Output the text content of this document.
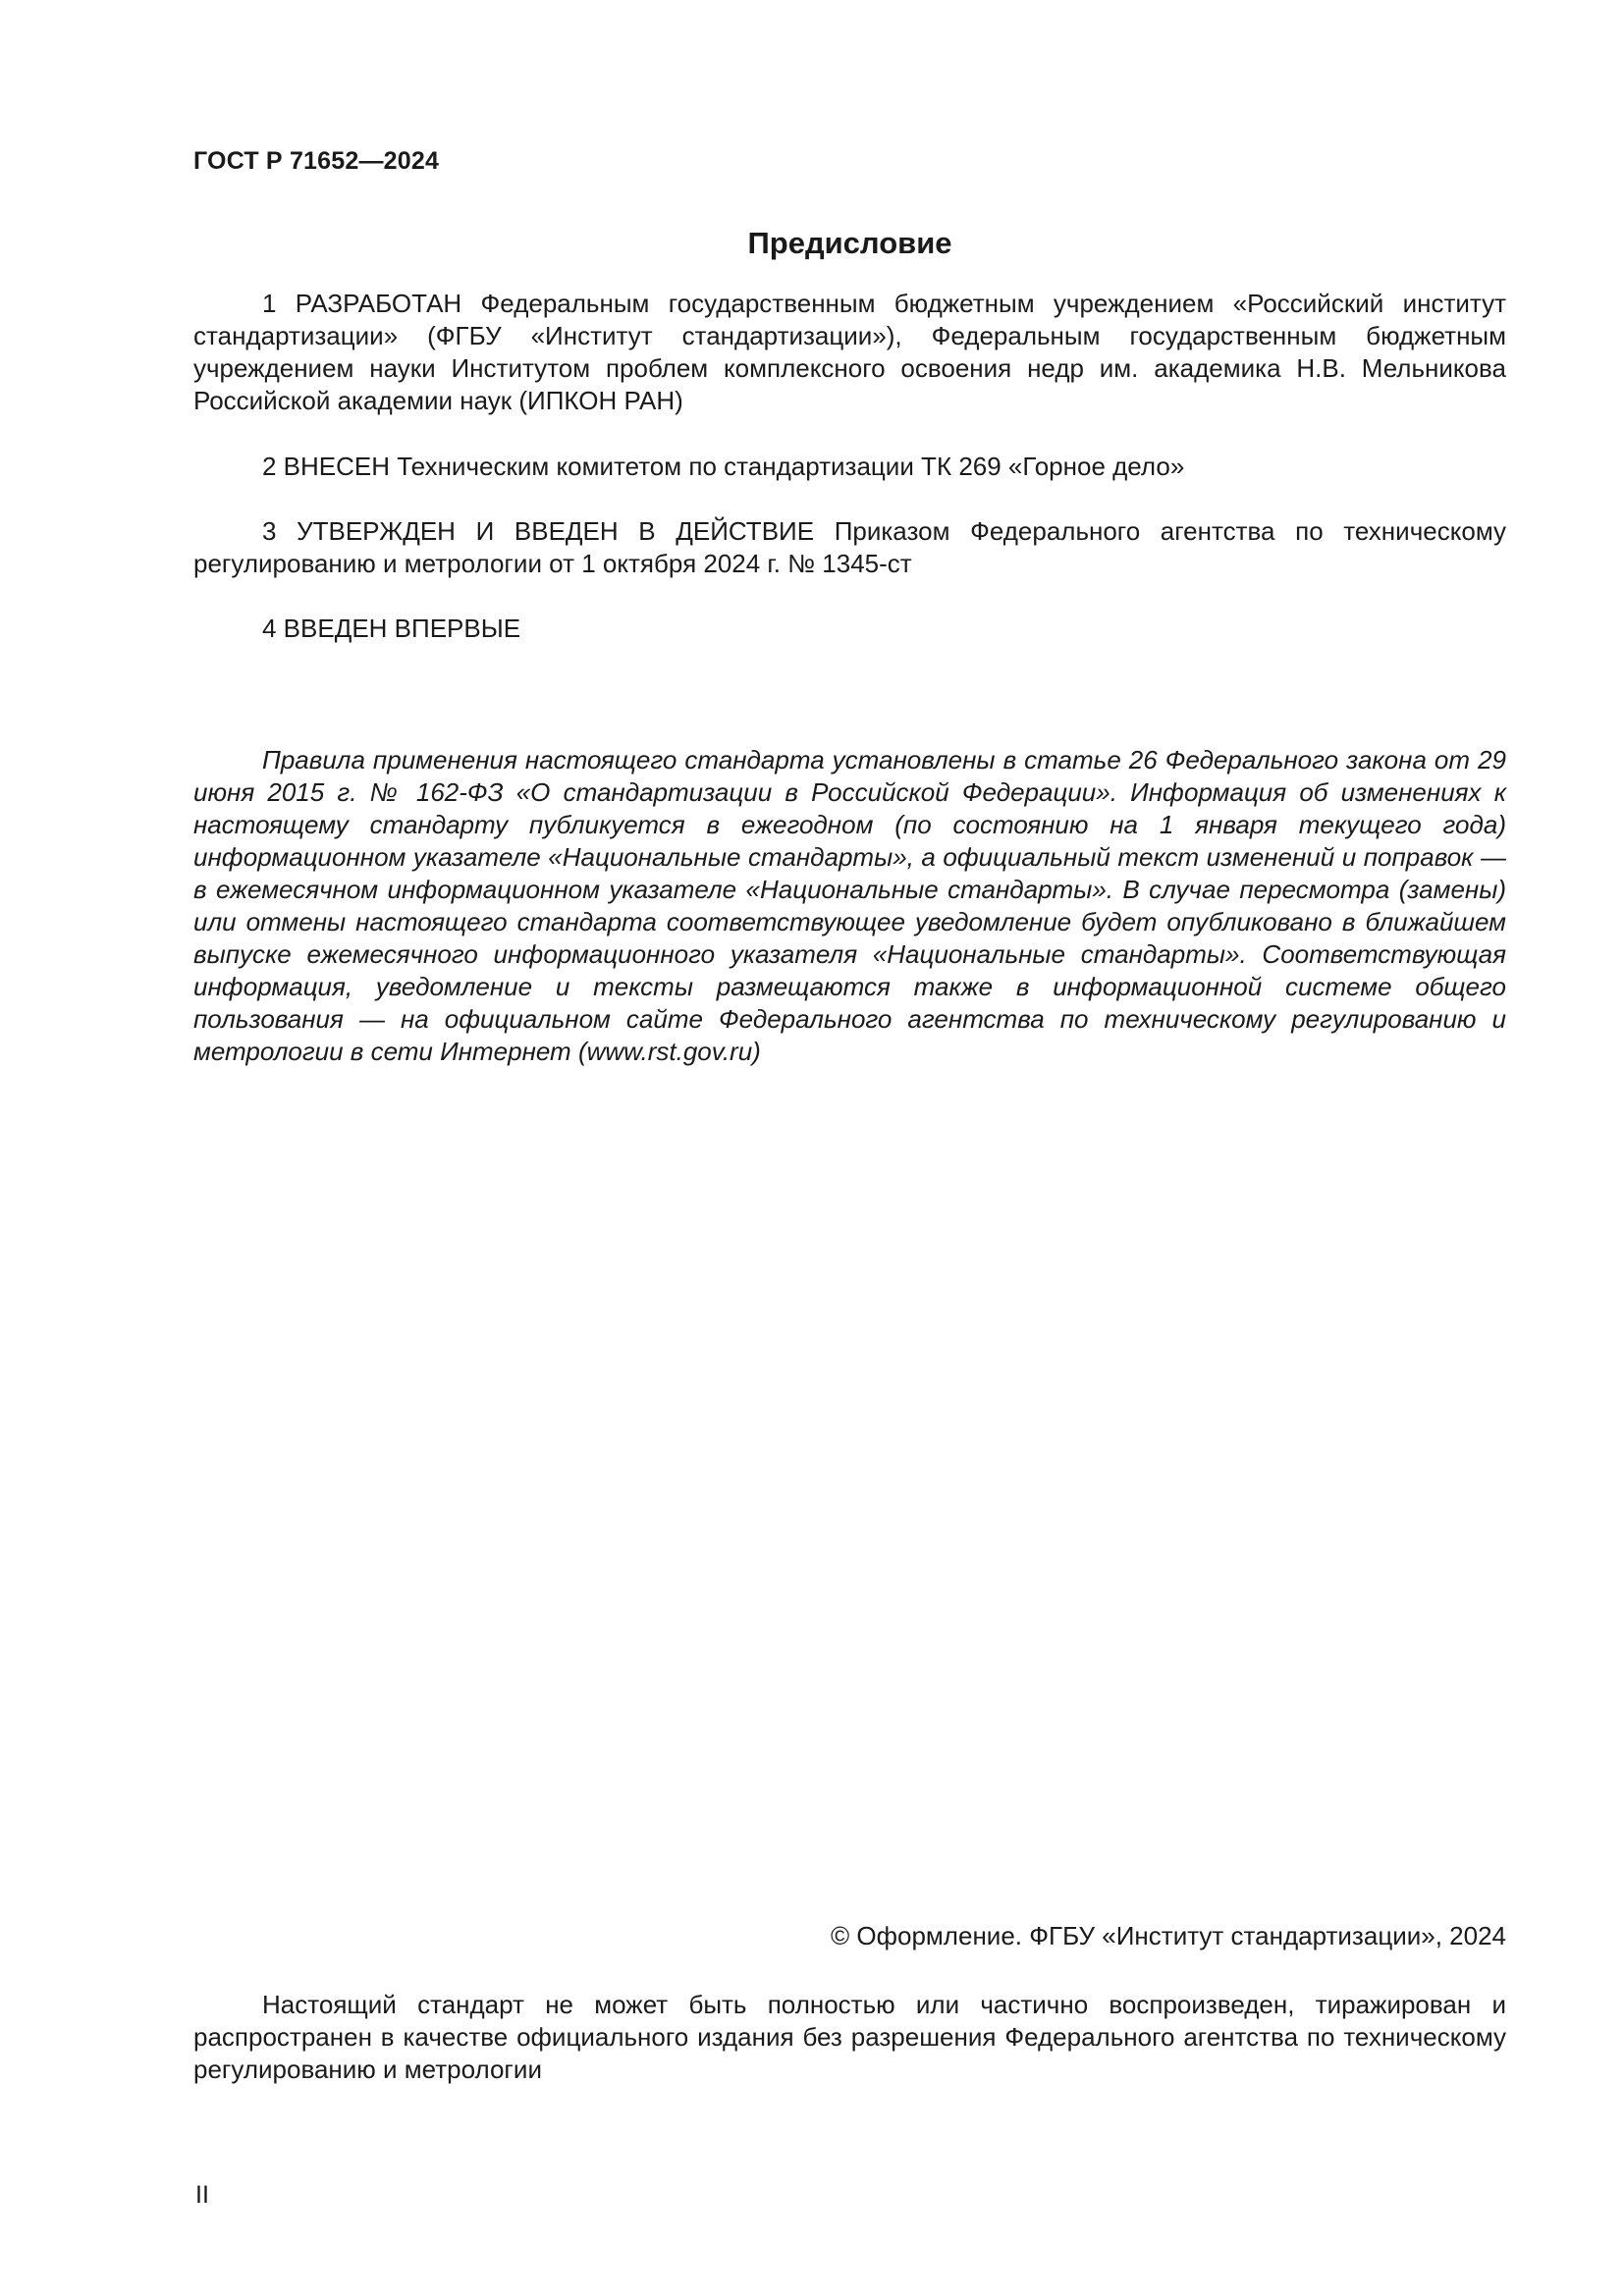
ГОСТ Р 71652—2024

Предисловие

1 РАЗРАБОТАН Федеральным государственным бюджетным учреждением «Российский институт стандартизации» (ФГБУ «Институт стандартизации»), Федеральным государственным бюджетным учреждением науки Институтом проблем комплексного освоения недр им. академика Н.В. Мельникова Российской академии наук (ИПКОН РАН)

2 ВНЕСЕН Техническим комитетом по стандартизации ТК 269 «Горное дело»

3 УТВЕРЖДЕН И ВВЕДЕН В ДЕЙСТВИЕ Приказом Федерального агентства по техническому регулированию и метрологии от 1 октября 2024 г. № 1345-ст

4 ВВЕДЕН ВПЕРВЫЕ

Правила применения настоящего стандарта установлены в статье 26 Федерального закона от 29 июня 2015 г. № 162-ФЗ «О стандартизации в Российской Федерации». Информация об изменениях к настоящему стандарту публикуется в ежегодном (по состоянию на 1 января текущего года) информационном указателе «Национальные стандарты», а официальный текст изменений и поправок — в ежемесячном информационном указателе «Национальные стандарты». В случае пересмотра (замены) или отмены настоящего стандарта соответствующее уведомление будет опубликовано в ближайшем выпуске ежемесячного информационного указателя «Национальные стандарты». Соответствующая информация, уведомление и тексты размещаются также в информационной системе общего пользования — на официальном сайте Федерального агентства по техническому регулированию и метрологии в сети Интернет (www.rst.gov.ru)

© Оформление. ФГБУ «Институт стандартизации», 2024

Настоящий стандарт не может быть полностью или частично воспроизведен, тиражирован и распространен в качестве официального издания без разрешения Федерального агентства по техническому регулированию и метрологии

II
